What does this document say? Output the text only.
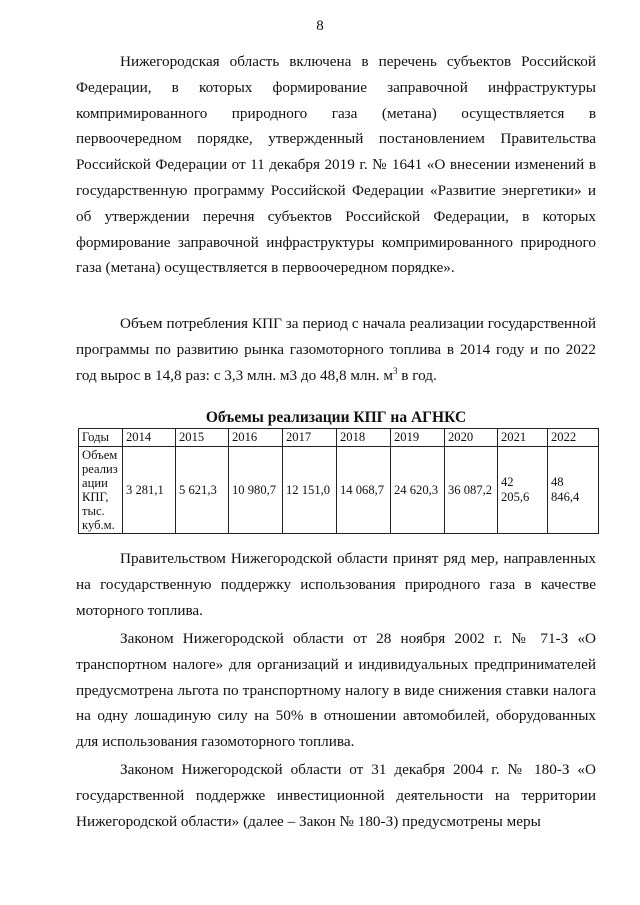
8

Нижегородская область включена в перечень субъектов Российской Федерации, в которых формирование заправочной инфраструктуры компримированного природного газа (метана) осуществляется в первоочередном порядке, утвержденный постановлением Правительства Российской Федерации от 11 декабря 2019 г. № 1641 «О внесении изменений в государственную программу Российской Федерации «Развитие энергетики» и об утверждении перечня субъектов Российской Федерации, в которых формирование заправочной инфраструктуры компримированного природного газа (метана) осуществляется в первоочередном порядке».

Объем потребления КПГ за период с начала реализации государственной программы по развитию рынка газомоторного топлива в 2014 году и по 2022 год вырос в 14,8 раз: с 3,3 млн. м3 до 48,8 млн. $м^3$ в год.

Объемы реализации КПГ на АГНКС
Годы	2014	2015	2016	2017	2018	2019	2020	2021	2022
Объем реализ ации КПГ, тыс. куб.м.	3 281,1	5 621,3	10 980,7	12 151,0	14 068,7	24 620,3	36 087,2	42 205,6	48 846,4

Правительством Нижегородской области принят ряд мер, направленных на государственную поддержку использования природного газа в качестве моторного топлива.

Законом Нижегородской области от 28 ноября 2002 г. № 71-З «О транспортном налоге» для организаций и индивидуальных предпринимателей предусмотрена льгота по транспортному налогу в виде снижения ставки налога на одну лошадиную силу на 50% в отношении автомобилей, оборудованных для использования газомоторного топлива.

Законом Нижегородской области от 31 декабря 2004 г. № 180-З «О государственной поддержке инвестиционной деятельности на территории Нижегородской области» (далее – Закон № 180-З) предусмотрены меры
